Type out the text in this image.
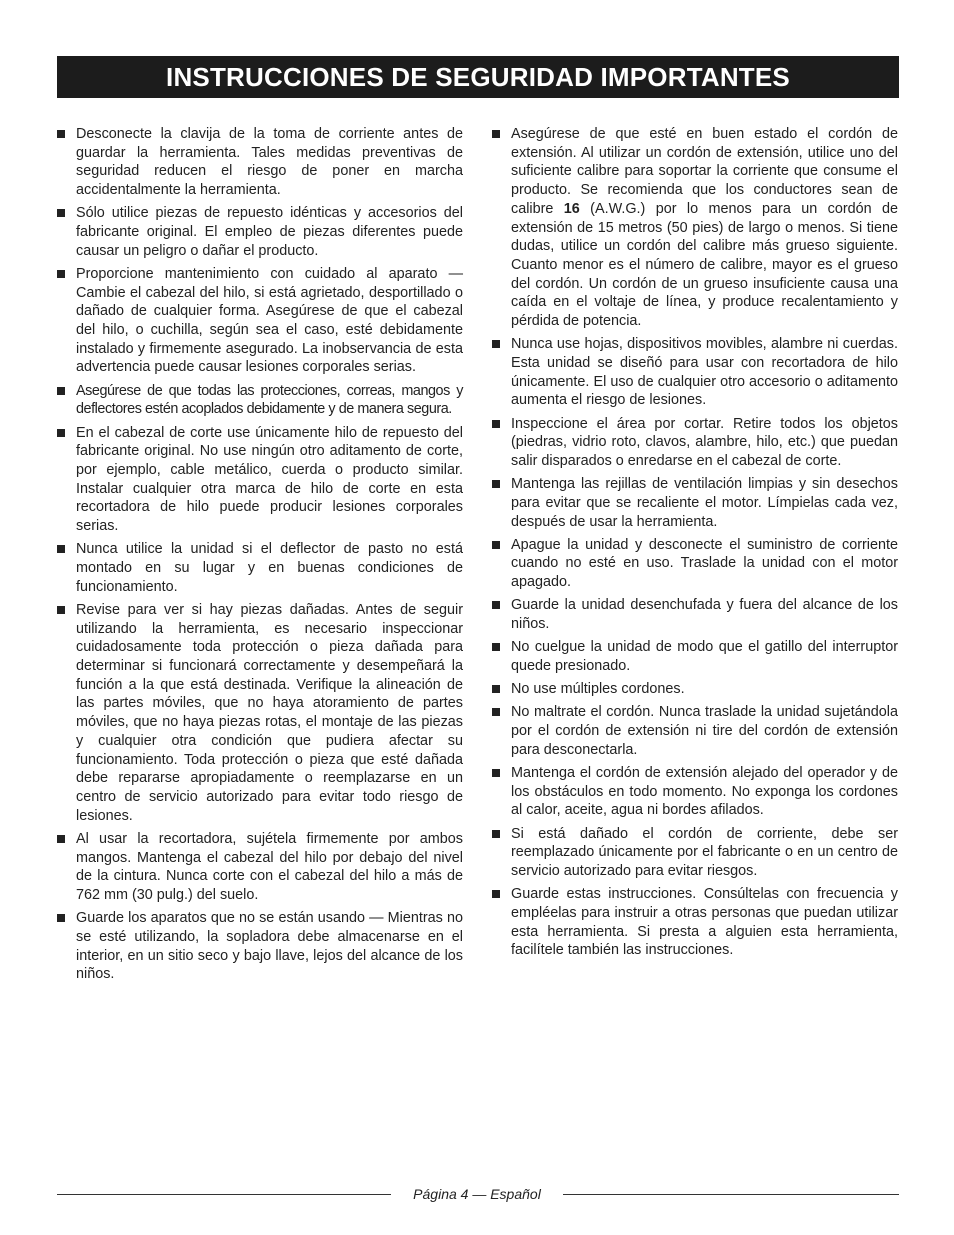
INSTRUCCIONES DE SEGURIDAD IMPORTANTES
Desconecte la clavija de la toma de corriente antes de guardar la herramienta. Tales medidas preventivas de seguridad reducen el riesgo de poner en marcha accidentalmente la herramienta.
Sólo utilice piezas de repuesto idénticas y accesorios del fabricante original. El empleo de piezas diferentes puede causar un peligro o dañar el producto.
Proporcione mantenimiento con cuidado al aparato — Cambie el cabezal del hilo, si está agrietado, desportillado o dañado de cualquier forma. Asegúrese de que el cabezal del hilo, o cuchilla, según sea el caso, esté debidamente instalado y firmemente asegurado. La inobservancia de esta advertencia puede causar lesiones corporales serias.
Asegúrese de que todas las protecciones, correas, mangos y deflectores estén acoplados debidamente y de manera segura.
En el cabezal de corte use únicamente hilo de repuesto del fabricante original. No use ningún otro aditamento de corte, por ejemplo, cable metálico, cuerda o producto similar. Instalar cualquier otra marca de hilo de corte en esta recortadora de hilo puede producir lesiones corporales serias.
Nunca utilice la unidad si el deflector de pasto no está montado en su lugar y en buenas condiciones de funcionamiento.
Revise para ver si hay piezas dañadas. Antes de seguir utilizando la herramienta, es necesario inspeccionar cuidadosamente toda protección o pieza dañada para determinar si funcionará correctamente y desempeñará la función a la que está destinada. Verifique la alineación de las partes móviles, que no haya atoramiento de partes móviles, que no haya piezas rotas, el montaje de las piezas y cualquier otra condición que pudiera afectar su funcionamiento. Toda protección o pieza que esté dañada debe repararse apropiadamente o reemplazarse en un centro de servicio autorizado para evitar todo riesgo de lesiones.
Al usar la recortadora, sujétela firmemente por ambos mangos. Mantenga el cabezal del hilo por debajo del nivel de la cintura. Nunca corte con el cabezal del hilo a más de 762 mm (30 pulg.) del suelo.
Guarde los aparatos que no se están usando — Mientras no se esté utilizando, la sopladora debe almacenarse en el interior, en un sitio seco y bajo llave, lejos del alcance de los niños.
Asegúrese de que esté en buen estado el cordón de extensión. Al utilizar un cordón de extensión, utilice uno del suficiente calibre para soportar la corriente que consume el producto. Se recomienda que los conductores sean de calibre 16 (A.W.G.) por lo menos para un cordón de extensión de 15 metros (50 pies) de largo o menos. Si tiene dudas, utilice un cordón del calibre más grueso siguiente. Cuanto menor es el número de calibre, mayor es el grueso del cordón. Un cordón de un grueso insuficiente causa una caída en el voltaje de línea, y produce recalentamiento y pérdida de potencia.
Nunca use hojas, dispositivos movibles, alambre ni cuerdas. Esta unidad se diseñó para usar con recortadora de hilo únicamente. El uso de cualquier otro accesorio o aditamento aumenta el riesgo de lesiones.
Inspeccione el área por cortar. Retire todos los objetos (piedras, vidrio roto, clavos, alambre, hilo, etc.) que puedan salir disparados o enredarse en el cabezal de corte.
Mantenga las rejillas de ventilación limpias y sin desechos para evitar que se recaliente el motor. Límpielas cada vez, después de usar la herramienta.
Apague la unidad y desconecte el suministro de corriente cuando no esté en uso. Traslade la unidad con el motor apagado.
Guarde la unidad desenchufada y fuera del alcance de los niños.
No cuelgue la unidad de modo que el gatillo del interruptor quede presionado.
No use múltiples cordones.
No maltrate el cordón. Nunca traslade la unidad sujetándola por el cordón de extensión ni tire del cordón de extensión para desconectarla.
Mantenga el cordón de extensión alejado del operador y de los obstáculos en todo momento. No exponga los cordones al calor, aceite, agua ni bordes afilados.
Si está dañado el cordón de corriente, debe ser reemplazado únicamente por el fabricante o en un centro de servicio autorizado para evitar riesgos.
Guarde estas instrucciones. Consúltelas con frecuencia y empléelas para instruir a otras personas que puedan utilizar esta herramienta. Si presta a alguien esta herramienta, facilítele también las instrucciones.
Página 4 — Español
